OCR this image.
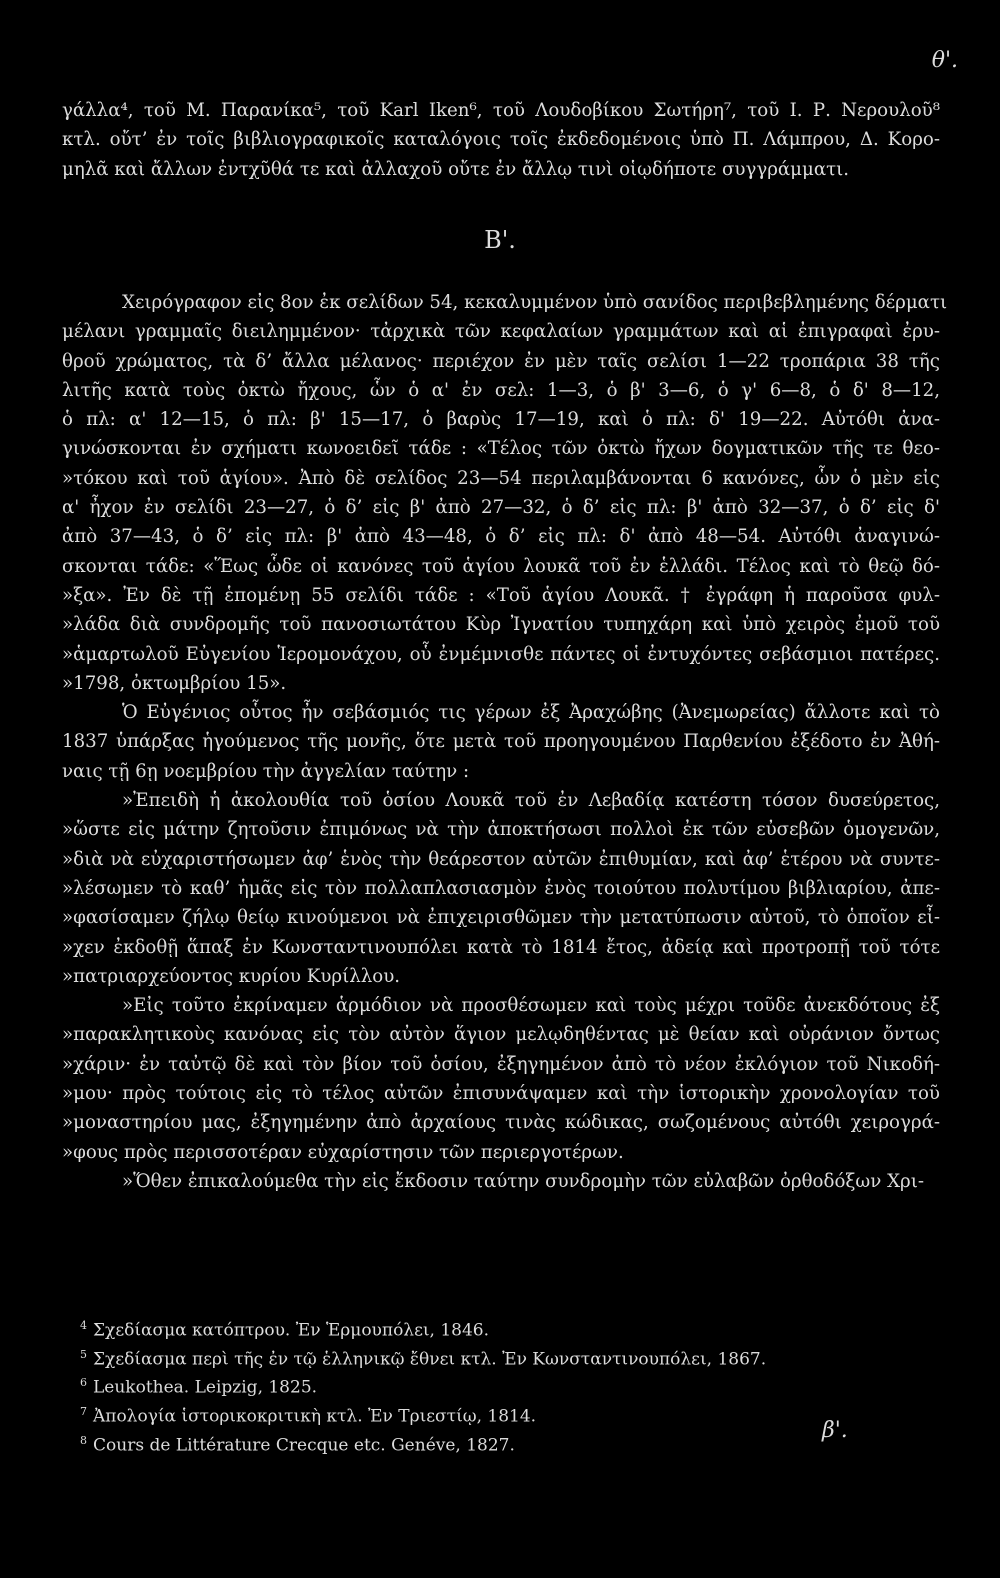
θ'.

γάλλα⁴, τοῦ Μ. Παρανίκα⁵, τοῦ Karl Iken⁶, τοῦ Λουδοβίκου Σωτήρη⁷, τοῦ Ι. Ρ. Νερουλοῦ⁸
κτλ. οὔτ’ ἐν τοῖς βιβλιογραφικοῖς καταλόγοις τοῖς ἐκδεδομένοις ὑπὸ Π. Λάμπρου, Δ. Κορο-
μηλᾶ καὶ ἄλλων ἐντχῦθά τε καὶ ἀλλαχοῦ οὔτε ἐν ἄλλῳ τινὶ οἱῳδήποτε συγγράμματι.

Β'.

Χειρόγραφον εἰς 8ον ἐκ σελίδων 54, κεκαλυμμένον ὑπὸ σανίδος περιβεβλημένης δέρματι
μέλανι γραμμαῖς διειλημμένον· τἀρχικὰ τῶν κεφαλαίων γραμμάτων καὶ αἱ ἐπιγραφαὶ ἐρυ-
θροῦ χρώματος, τὰ δ’ ἄλλα μέλανος· περιέχον ἐν μὲν ταῖς σελίσι 1—22 τροπάρια 38 τῆς
λιτῆς κατὰ τοὺς ὀκτὼ ἤχους, ὧν ὁ α' ἐν σελ: 1—3, ὁ β' 3—6, ὁ γ' 6—8, ὁ δ' 8—12,
ὁ πλ: α' 12—15, ὁ πλ: β' 15—17, ὁ βαρὺς 17—19, καὶ ὁ πλ: δ' 19—22. Αὐτόθι ἀνα-
γινώσκονται ἐν σχήματι κωνοειδεῖ τάδε : «Τέλος τῶν ὀκτὼ ἤχων δογματικῶν τῆς τε θεο-
»τόκου καὶ τοῦ ἁγίου». Ἀπὸ δὲ σελίδος 23—54 περιλαμβάνονται 6 κανόνες, ὧν ὁ μὲν εἰς
α' ἦχον ἐν σελίδι 23—27, ὁ δ’ εἰς β' ἀπὸ 27—32, ὁ δ’ εἰς πλ: β' ἀπὸ 32—37, ὁ δ’ εἰς δ'
ἀπὸ 37—43, ὁ δ’ εἰς πλ: β' ἀπὸ 43—48, ὁ δ’ εἰς πλ: δ' ἀπὸ 48—54. Αὐτόθι ἀναγινώ-
σκονται τάδε: «Ἕως ὧδε οἱ κανόνες τοῦ ἁγίου λουκᾶ τοῦ ἐν ἑλλάδι. Τέλος καὶ τὸ θεῷ δό-
»ξα». Ἐν δὲ τῇ ἑπομένῃ 55 σελίδι τάδε : «Τοῦ ἁγίου Λουκᾶ. † ἐγράφη ἡ παροῦσα φυλ-
»λάδα διὰ συνδρομῆς τοῦ πανοσιωτάτου Κὺρ Ἰγνατίου τυπηχάρη καὶ ὑπὸ χειρὸς ἐμοῦ τοῦ
»ἁμαρτωλοῦ Εὐγενίου Ἱερομονάχου, οὗ ἐνμέμνισθε πάντες οἱ ἐντυχόντες σεβάσμιοι πατέρες.
»1798, ὀκτωμβρίου 15».

Ὁ Εὐγένιος οὗτος ἦν σεβάσμιός τις γέρων ἐξ Ἀραχώβης (Ἀνεμωρείας) ἄλλοτε καὶ τὸ
1837 ὑπάρξας ἡγούμενος τῆς μονῆς, ὅτε μετὰ τοῦ προηγουμένου Παρθενίου ἐξέδοτο ἐν Ἀθή-
ναις τῇ 6ῃ νοεμβρίου τὴν ἀγγελίαν ταύτην :

»Ἐπειδὴ ἡ ἀκολουθία τοῦ ὁσίου Λουκᾶ τοῦ ἐν Λεβαδίᾳ κατέστη τόσον δυσεύρετος,
»ὥστε εἰς μάτην ζητοῦσιν ἐπιμόνως νὰ τὴν ἀποκτήσωσι πολλοὶ ἐκ τῶν εὐσεβῶν ὁμογενῶν,
»διὰ νὰ εὐχαριστήσωμεν ἀφ’ ἑνὸς τὴν θεάρεστον αὐτῶν ἐπιθυμίαν, καὶ ἀφ’ ἑτέρου νὰ συντε-
»λέσωμεν τὸ καθ’ ἡμᾶς εἰς τὸν πολλαπλασιασμὸν ἑνὸς τοιούτου πολυτίμου βιβλιαρίου, ἀπε-
»φασίσαμεν ζήλῳ θείῳ κινούμενοι νὰ ἐπιχειρισθῶμεν τὴν μετατύπωσιν αὐτοῦ, τὸ ὁποῖον εἶ-
»χεν ἐκδοθῇ ἅπαξ ἐν Κωνσταντινουπόλει κατὰ τὸ 1814 ἔτος, ἀδείᾳ καὶ προτροπῇ τοῦ τότε
»πατριαρχεύοντος κυρίου Κυρίλλου.

»Εἰς τοῦτο ἐκρίναμεν ἁρμόδιον νὰ προσθέσωμεν καὶ τοὺς μέχρι τοῦδε ἀνεκδότους ἐξ
»παρακλητικοὺς κανόνας εἰς τὸν αὐτὸν ἅγιον μελῳδηθέντας μὲ θείαν καὶ οὐράνιον ὄντως
»χάριν· ἐν ταὐτῷ δὲ καὶ τὸν βίον τοῦ ὁσίου, ἐξηγημένον ἀπὸ τὸ νέον ἐκλόγιον τοῦ Νικοδή-
»μου· πρὸς τούτοις εἰς τὸ τέλος αὐτῶν ἐπισυνάψαμεν καὶ τὴν ἱστορικὴν χρονολογίαν τοῦ
»μοναστηρίου μας, ἐξηγημένην ἀπὸ ἀρχαίους τινὰς κώδικας, σωζομένους αὐτόθι χειρογρά-
»φους πρὸς περισσοτέραν εὐχαρίστησιν τῶν περιεργοτέρων.

»Ὅθεν ἐπικαλούμεθα τὴν εἰς ἔκδοσιν ταύτην συνδρομὴν τῶν εὐλαβῶν ὀρθοδόξων Χρι-

$^4$ Σχεδίασμα κατόπτρου. Ἐν Ἑρμουπόλει, 1846.
$^5$ Σχεδίασμα περὶ τῆς ἐν τῷ ἑλληνικῷ ἔθνει κτλ. Ἐν Κωνσταντινουπόλει, 1867.
$^6$ Leukothea. Leipzig, 1825.
$^7$ Ἀπολογία ἱστορικοκριτικὴ κτλ. Ἐν Τριεστίῳ, 1814.
$^8$ Cours de Littérature Crecque etc. Genéve, 1827.
β'.
